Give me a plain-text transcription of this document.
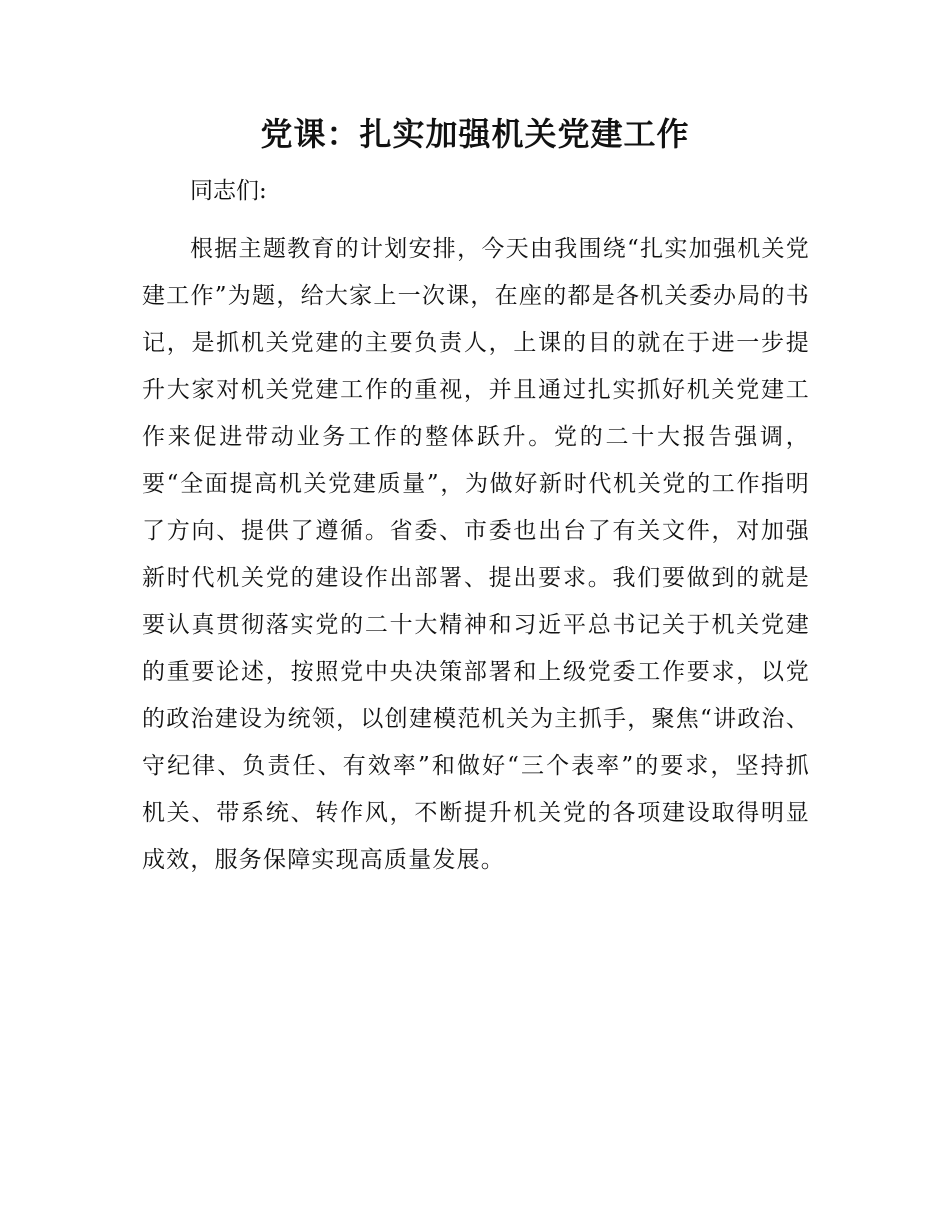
党课：扎实加强机关党建工作

同志们:

根据主题教育的计划安排，今天由我围绕“扎实加强机关党建工作”为题，给大家上一次课，在座的都是各机关委办局的书记，是抓机关党建的主要负责人，上课的目的就在于进一步提升大家对机关党建工作的重视，并且通过扎实抓好机关党建工作来促进带动业务工作的整体跃升。党的二十大报告强调，要“全面提高机关党建质量”，为做好新时代机关党的工作指明了方向、提供了遵循。省委、市委也出台了有关文件，对加强新时代机关党的建设作出部署、提出要求。我们要做到的就是要认真贯彻落实党的二十大精神和习近平总书记关于机关党建的重要论述，按照党中央决策部署和上级党委工作要求，以党的政治建设为统领，以创建模范机关为主抓手，聚焦“讲政治、守纪律、负责任、有效率”和做好“三个表率”的要求，坚持抓机关、带系统、转作风，不断提升机关党的各项建设取得明显成效，服务保障实现高质量发展。
